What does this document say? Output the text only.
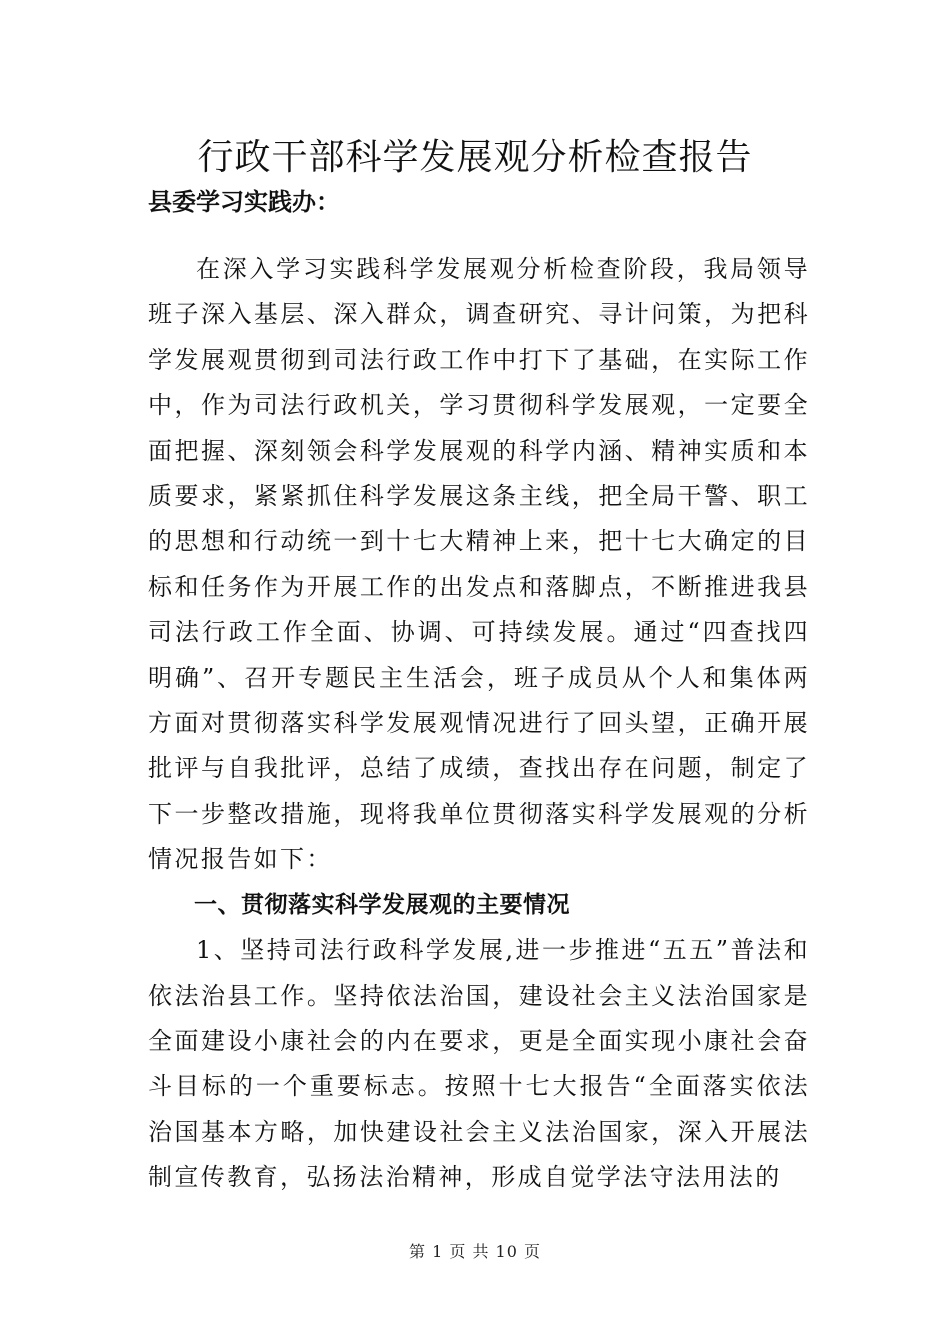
行政干部科学发展观分析检查报告

县委学习实践办：

在深入学习实践科学发展观分析检查阶段，我局领导班子深入基层、深入群众，调查研究、寻计问策，为把科学发展观贯彻到司法行政工作中打下了基础，在实际工作中，作为司法行政机关，学习贯彻科学发展观，一定要全面把握、深刻领会科学发展观的科学内涵、精神实质和本质要求，紧紧抓住科学发展这条主线，把全局干警、职工的思想和行动统一到十七大精神上来，把十七大确定的目标和任务作为开展工作的出发点和落脚点，不断推进我县司法行政工作全面、协调、可持续发展。通过“四查找四明确”、召开专题民主生活会，班子成员从个人和集体两方面对贯彻落实科学发展观情况进行了回头望，正确开展批评与自我批评，总结了成绩，查找出存在问题，制定了下一步整改措施，现将我单位贯彻落实科学发展观的分析情况报告如下：

一、贯彻落实科学发展观的主要情况

1、坚持司法行政科学发展,进一步推进“五五”普法和依法治县工作。坚持依法治国，建设社会主义法治国家是全面建设小康社会的内在要求，更是全面实现小康社会奋斗目标的一个重要标志。按照十七大报告“全面落实依法治国基本方略，加快建设社会主义法治国家，深入开展法制宣传教育，弘扬法治精神，形成自觉学法守法用法的

第 1 页 共 10 页
